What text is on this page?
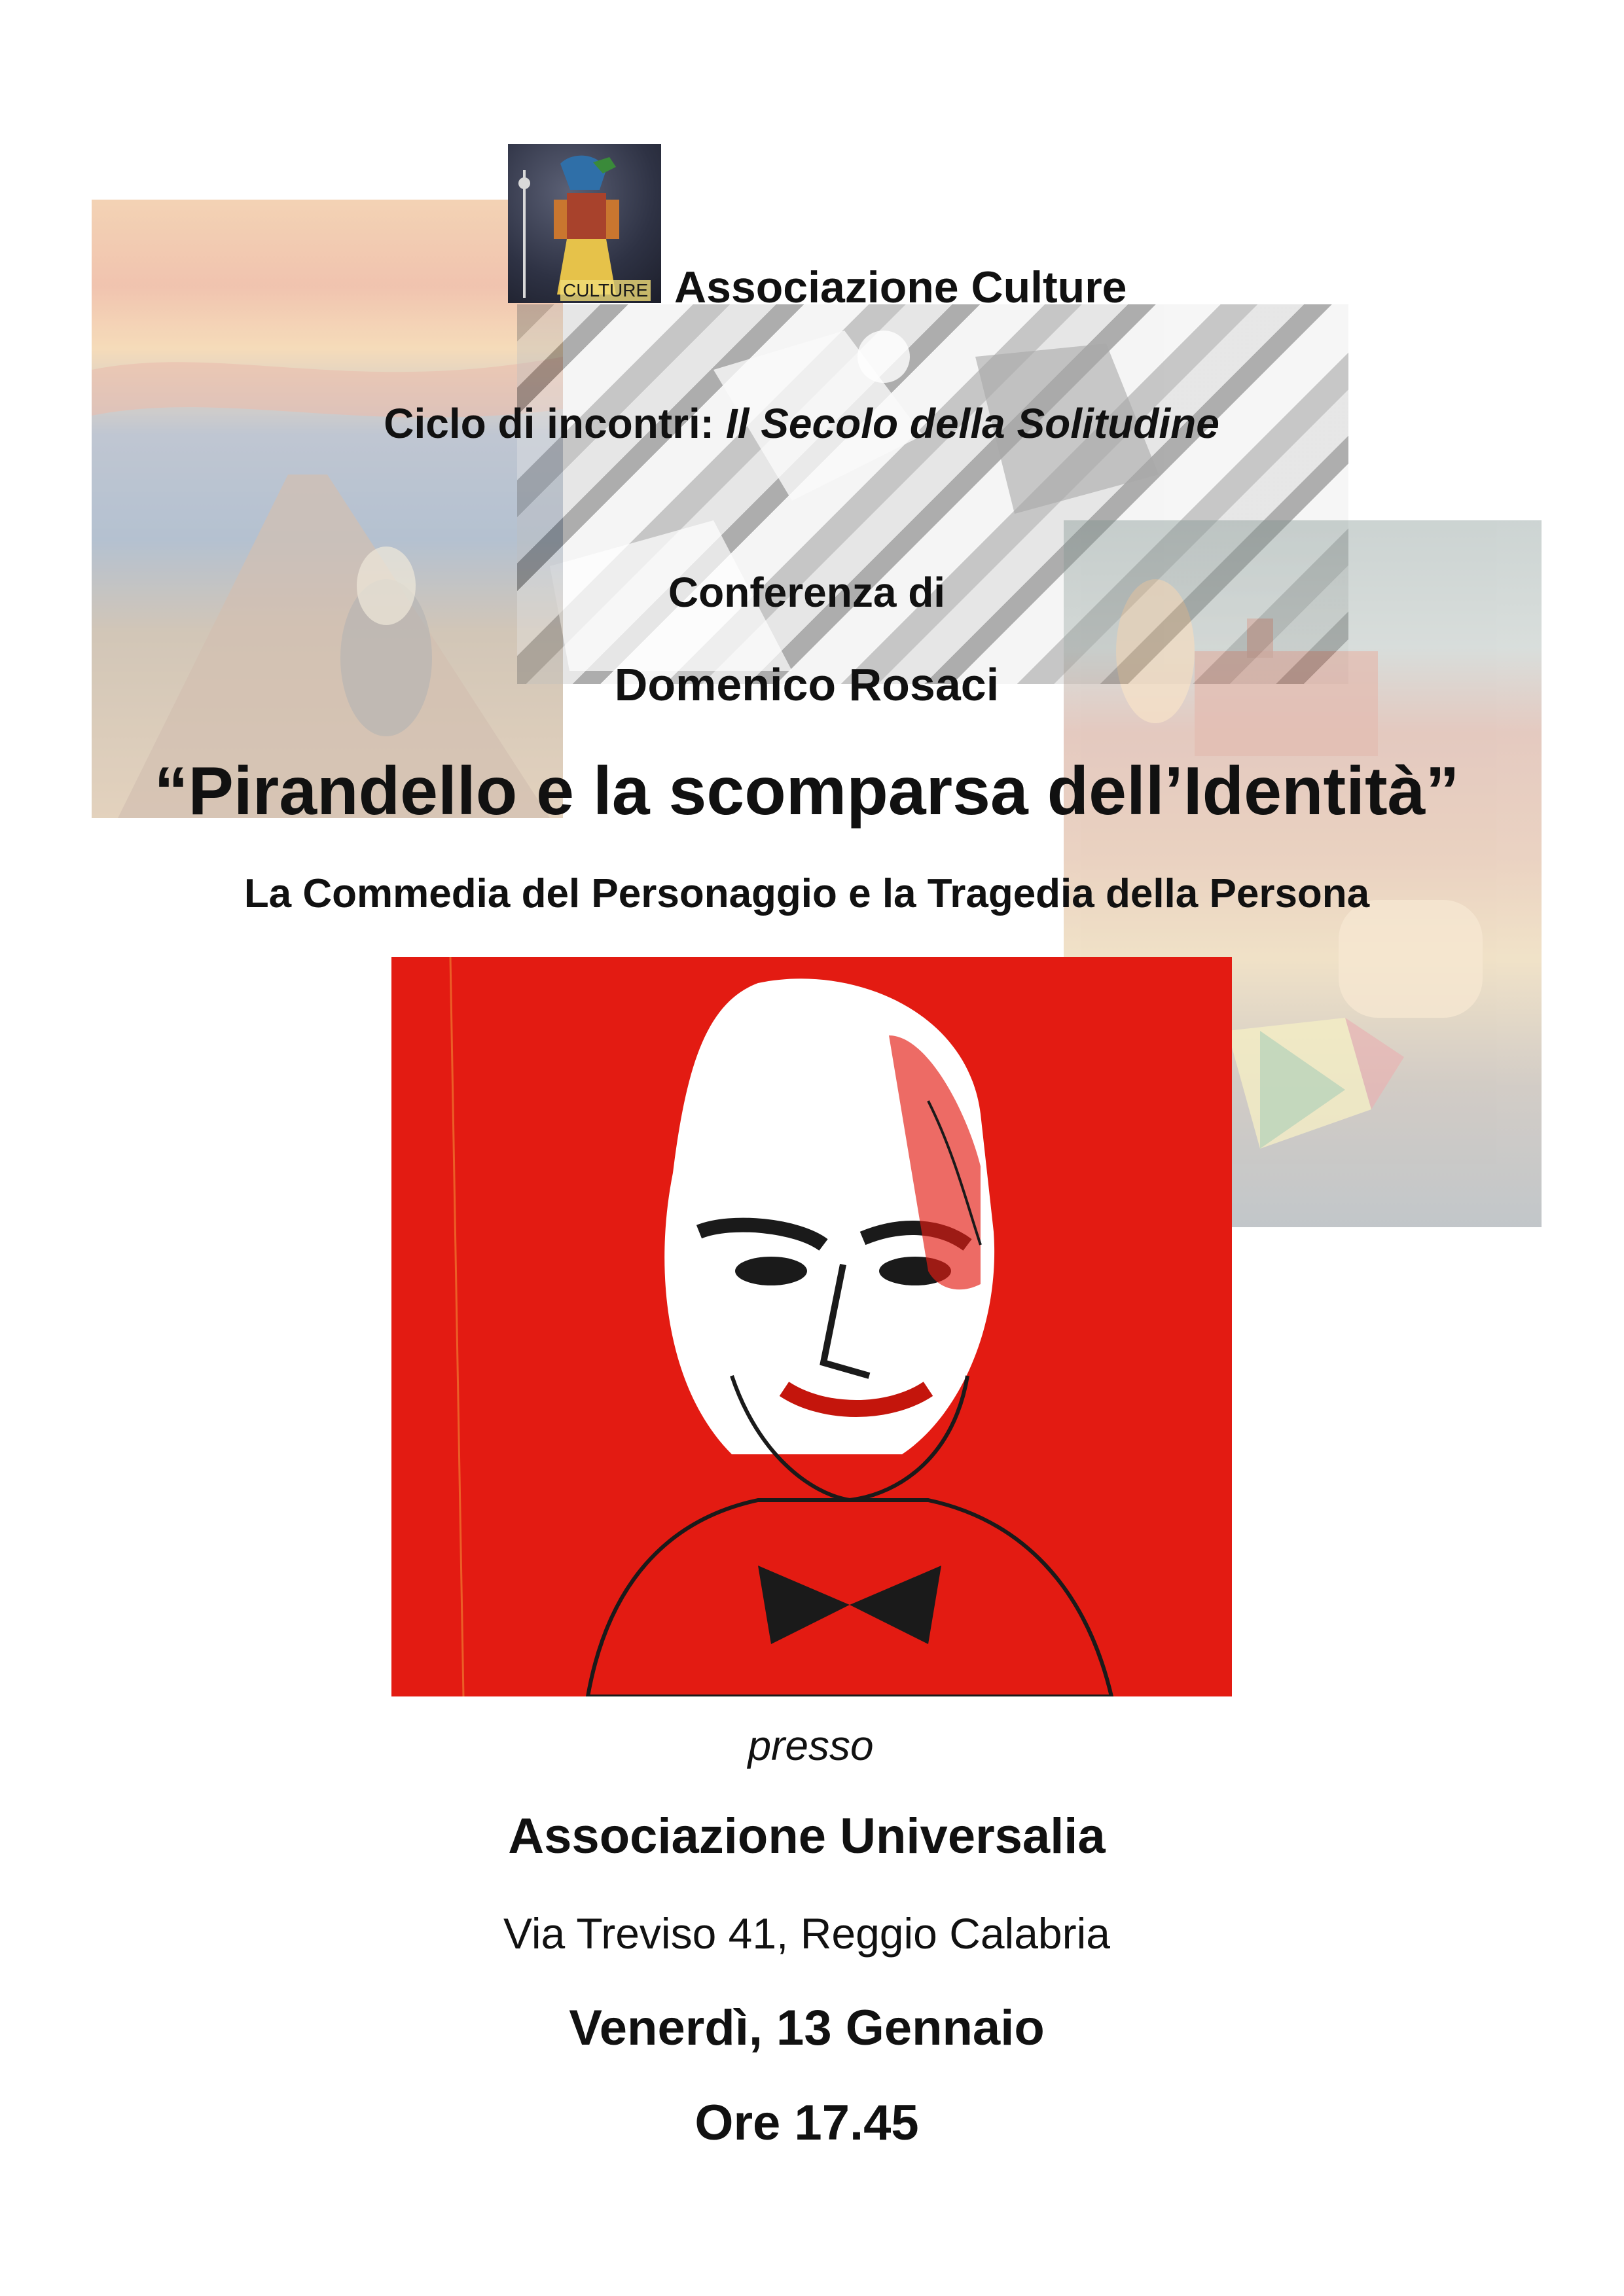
CULTURE Associazione Culture
Ciclo di incontri: Il Secolo della Solitudine
Conferenza di
Domenico Rosaci
“Pirandello e la scomparsa dell’Identità”
La Commedia del Personaggio e la Tragedia della Persona
presso
Associazione Universalia
Via Treviso 41, Reggio Calabria
Venerdì, 13 Gennaio
Ore 17.45
